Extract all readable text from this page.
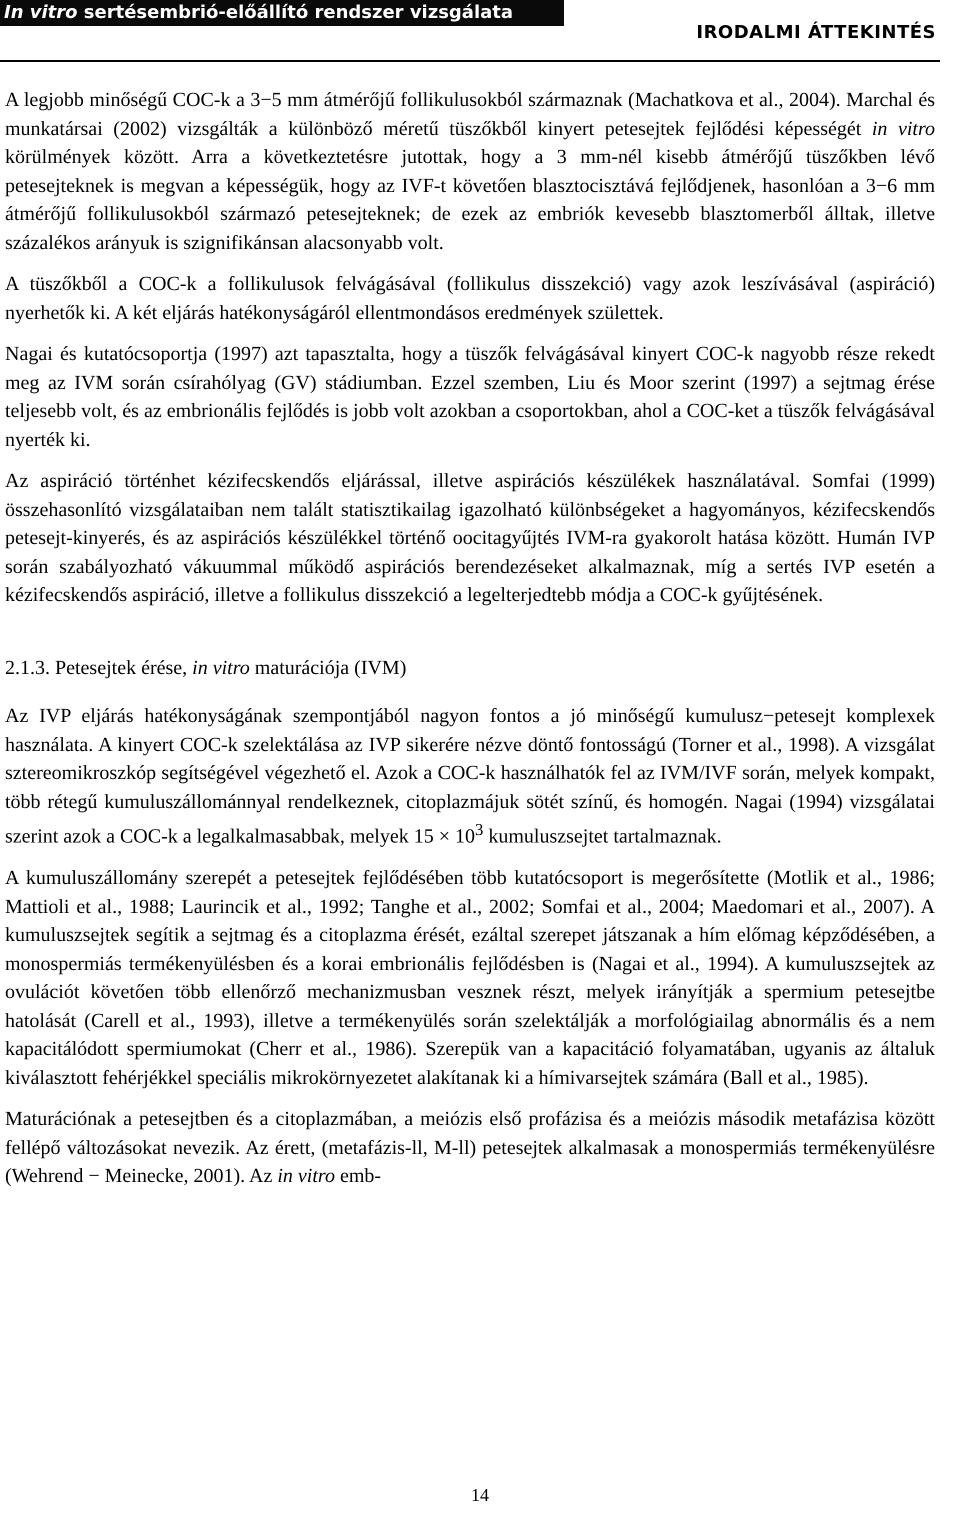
In vitro sertésembrió-előállító rendszer vizsgálata
IRODALMI ÁTTEKINTÉS

A legjobb minőségű COC-k a 3−5 mm átmérőjű follikulusokból származnak (Machatkova et al., 2004). Marchal és munkatársai (2002) vizsgálták a különböző méretű tüszőkből kinyert petesejtek fejlődési képességét in vitro körülmények között. Arra a következtetésre jutottak, hogy a 3 mm-nél kisebb átmérőjű tüszőkben lévő petesejteknek is megvan a képességük, hogy az IVF-t követően blasztocisztává fejlődjenek, hasonlóan a 3−6 mm átmérőjű follikulusokból származó petesejteknek; de ezek az embriók kevesebb blasztomerből álltak, illetve százalékos arányuk is szignifikánsan alacsonyabb volt.

A tüszőkből a COC-k a follikulusok felvágásával (follikulus disszekció) vagy azok leszívásával (aspiráció) nyerhetők ki. A két eljárás hatékonyságáról ellentmondásos eredmények születtek.

Nagai és kutatócsoportja (1997) azt tapasztalta, hogy a tüszők felvágásával kinyert COC-k nagyobb része rekedt meg az IVM során csírahólyag (GV) stádiumban. Ezzel szemben, Liu és Moor szerint (1997) a sejtmag érése teljesebb volt, és az embrionális fejlődés is jobb volt azokban a csoportokban, ahol a COC-ket a tüszők felvágásával nyerték ki.

Az aspiráció történhet kézifecskendős eljárással, illetve aspirációs készülékek használatával. Somfai (1999) összehasonlító vizsgálataiban nem talált statisztikailag igazolható különbségeket a hagyományos, kézifecskendős petesejt-kinyerés, és az aspirációs készülékkel történő oocitagyűjtés IVM-ra gyakorolt hatása között. Humán IVP során szabályozható vákuummal működő aspirációs berendezéseket alkalmaznak, míg a sertés IVP esetén a kézifecskendős aspiráció, illetve a follikulus disszekció a legelterjedtebb módja a COC-k gyűjtésének.

2.1.3. Petesejtek érése, in vitro maturációja (IVM)

Az IVP eljárás hatékonyságának szempontjából nagyon fontos a jó minőségű kumulusz−petesejt komplexek használata. A kinyert COC-k szelektálása az IVP sikerére nézve döntő fontosságú (Torner et al., 1998). A vizsgálat sztereomikroszkóp segítségével végezhető el. Azok a COC-k használhatók fel az IVM/IVF során, melyek kompakt, több rétegű kumuluszállománnyal rendelkeznek, citoplazmájuk sötét színű, és homogén. Nagai (1994) vizsgálatai szerint azok a COC-k a legalkalmasabbak, melyek $15 \times 10^3$ kumuluszsejtet tartalmaznak.

A kumuluszállomány szerepét a petesejtek fejlődésében több kutatócsoport is megerősítette (Motlik et al., 1986; Mattioli et al., 1988; Laurincik et al., 1992; Tanghe et al., 2002; Somfai et al., 2004; Maedomari et al., 2007). A kumuluszsejtek segítik a sejtmag és a citoplazma érését, ezáltal szerepet játszanak a hím előmag képződésében, a monospermiás termékenyülésben és a korai embrionális fejlődésben is (Nagai et al., 1994). A kumuluszsejtek az ovulációt követően több ellenőrző mechanizmusban vesznek részt, melyek irányítják a spermium petesejtbe hatolását (Carell et al., 1993), illetve a termékenyülés során szelektálják a morfológiailag abnormális és a nem kapacitálódott spermiumokat (Cherr et al., 1986). Szerepük van a kapacitáció folyamatában, ugyanis az általuk kiválasztott fehérjékkel speciális mikrokörnyezetet alakítanak ki a hímivarsejtek számára (Ball et al., 1985).

Maturációnak a petesejtben és a citoplazmában, a meiózis első profázisa és a meiózis második metafázisa között fellépő változásokat nevezik. Az érett, (metafázis-ll, M-ll) petesejtek alkalmasak a monospermiás termékenyülésre (Wehrend − Meinecke, 2001). Az in vitro emb-

14
